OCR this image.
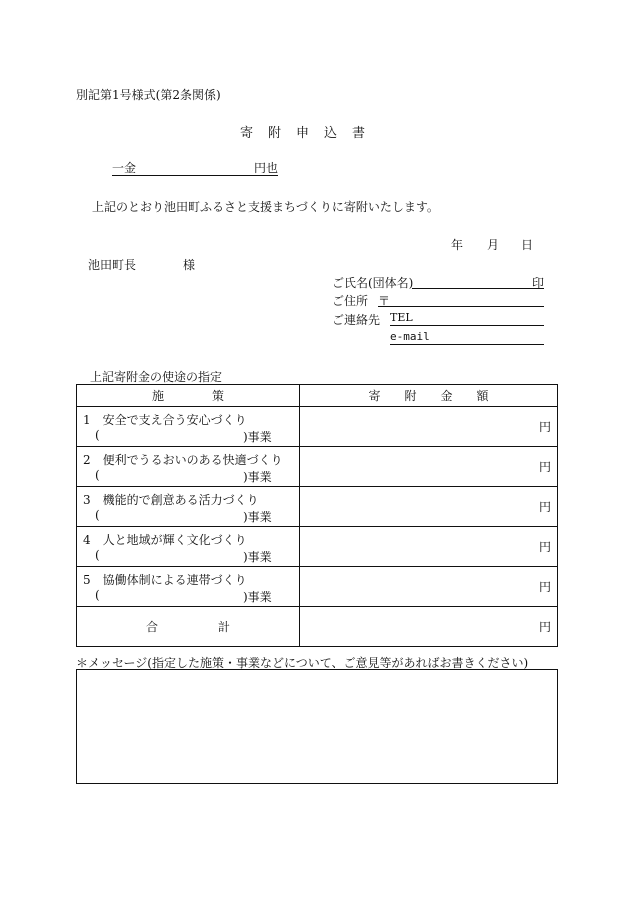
別記第1号様式(第2条関係)
寄　附　申　込　書
一金	円也
上記のとおり池田町ふるさと支援まちづくりに寄附いたします。
年 月 日
池田町長	様
ご氏名(団体名)	印
ご住所 〒
ご連絡先 TEL
e-mail
上記寄附金の使途の指定
施　　　　策	寄　　附　　金　　額

1　 安全で支え合う安心づくり
( )事業	円

2　 便利でうるおいのある快適づくり
( )事業	円

3　 機能的で創意ある活力づくり
( )事業	円

4　 人と地域が輝く文化づくり
( )事業	円

5　 協働体制による連帯づくり
( )事業	円
合　　　　　計	円
＊メッセージ(指定した施策・事業などについて、ご意見等があればお書きください)
